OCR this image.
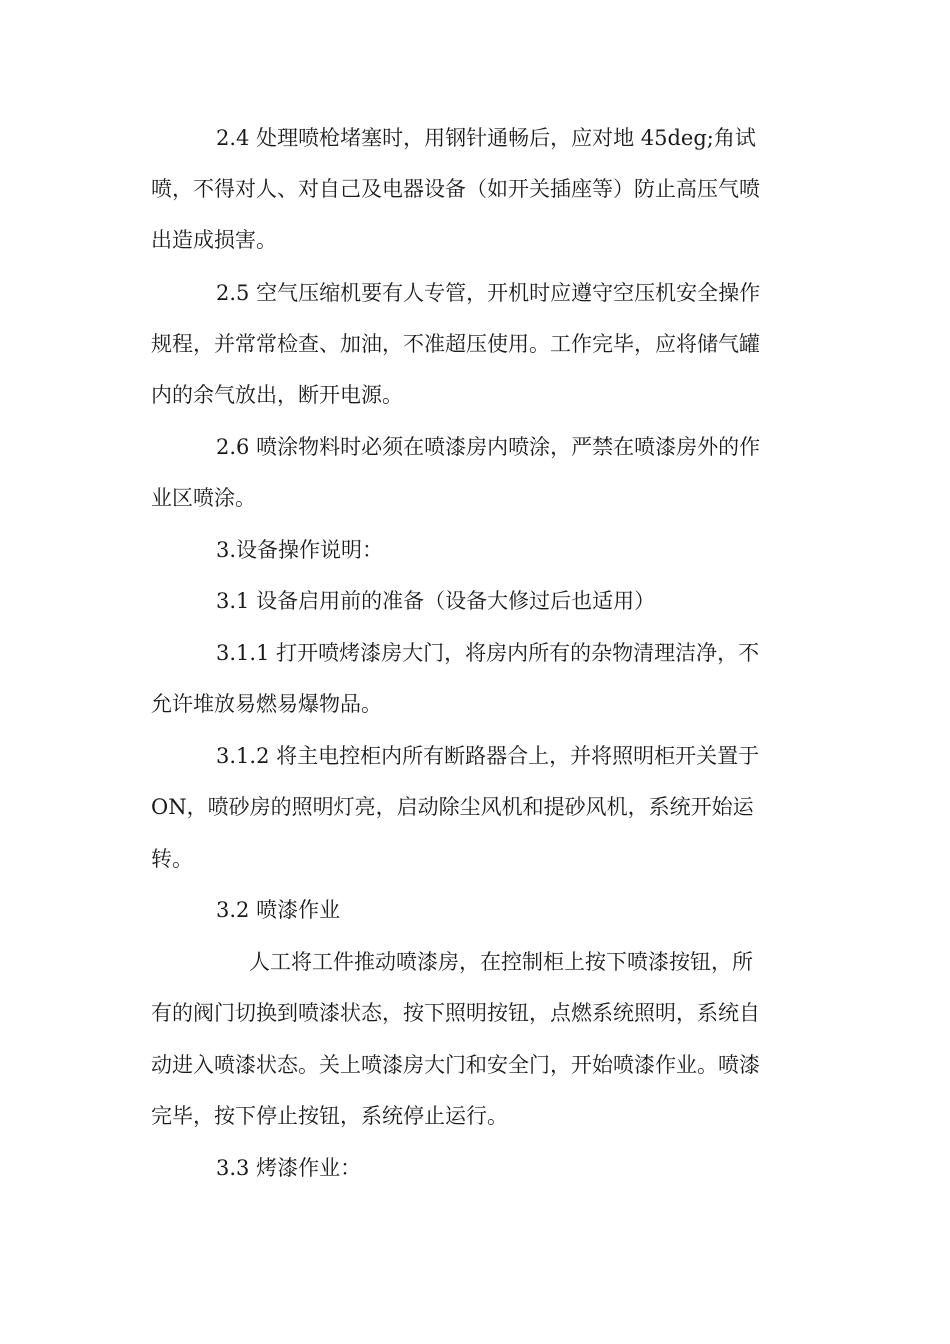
2.4 处理喷枪堵塞时，用钢针通畅后，应对地 45deg;角试

喷，不得对人、对自己及电器设备（如开关插座等）防止高压气喷

出造成损害。

2.5 空气压缩机要有人专管，开机时应遵守空压机安全操作

规程，并常常检查、加油，不准超压使用。工作完毕，应将储气罐

内的余气放出，断开电源。

2.6 喷涂物料时必须在喷漆房内喷涂，严禁在喷漆房外的作

业区喷涂。

3.设备操作说明：

3.1 设备启用前的准备（设备大修过后也适用）

3.1.1 打开喷烤漆房大门，将房内所有的杂物清理洁净，不

允许堆放易燃易爆物品。

3.1.2 将主电控柜内所有断路器合上，并将照明柜开关置于

ON，喷砂房的照明灯亮，启动除尘风机和提砂风机，系统开始运

转。

3.2 喷漆作业

人工将工件推动喷漆房，在控制柜上按下喷漆按钮，所

有的阀门切换到喷漆状态，按下照明按钮，点燃系统照明，系统自

动进入喷漆状态。关上喷漆房大门和安全门，开始喷漆作业。喷漆

完毕，按下停止按钮，系统停止运行。

3.3 烤漆作业：
